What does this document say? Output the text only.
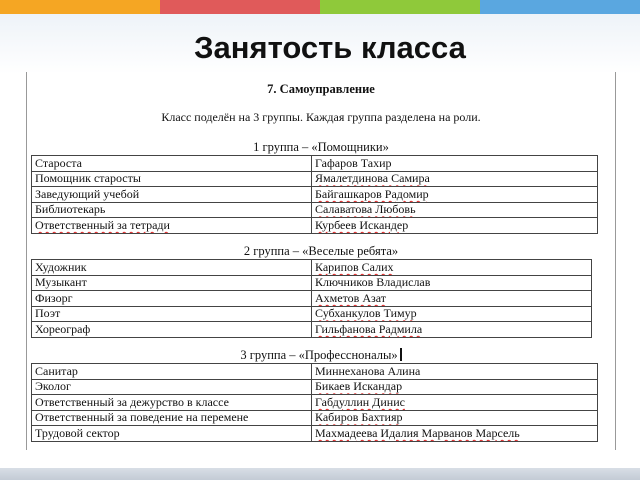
Занятость класса
7. Самоуправление
Класс поделён на 3 группы. Каждая группа разделена на роли.
1 группа – «Помощники»
Староста	Гафаров Тахир
Помощник старосты	Ямалетдинова Самира
Заведующий учебой	Байгашкаров Радомир
Библиотекарь	Салаватова Любовь
Ответственный за тетради	Курбеев Искандер
2 группа – «Веселые ребята»
Художник	Карипов Салих
Музыкант	Ключников Владислав
Физорг	Ахметов Азат
Поэт	Субханкулов Тимур
Хореограф	Гильфанова Радмила
3 группа – «Профессноналы»
Санитар	Миннеханова Алина
Эколог	Бикаев Искандар
Ответственный за дежурство в классе	Габдуллин Динис
Ответственный за поведение на перемене	Кабиров Бахтияр
Трудовой сектор	Махмадеева Идалия Марванов Марсель
